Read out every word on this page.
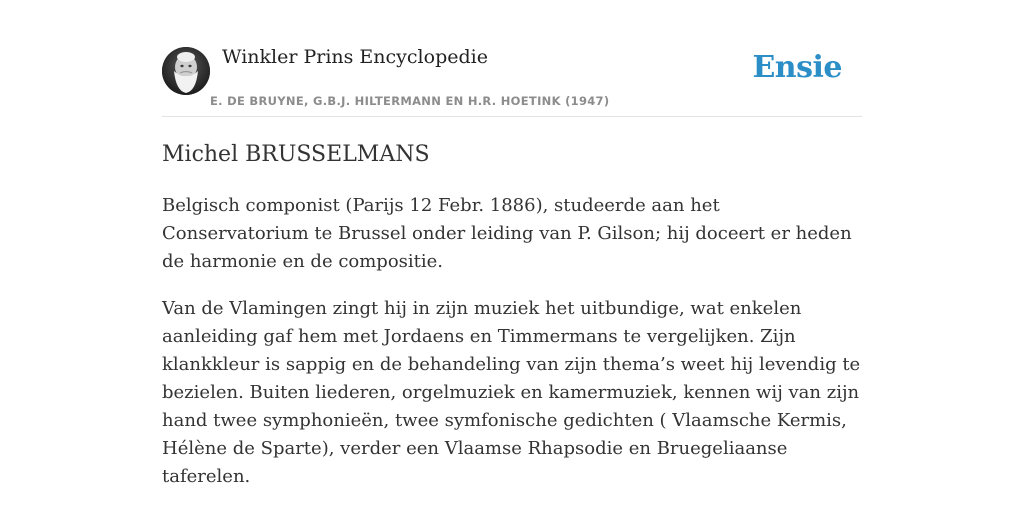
Winkler Prins Encyclopedie
E. DE BRUYNE, G.B.J. HILTERMANN EN H.R. HOETINK (1947)
Ensie
Michel BRUSSELMANS

Belgisch componist (Parijs 12 Febr. 1886), studeerde aan het Conservatorium te Brussel onder leiding van P. Gilson; hij doceert er heden de harmonie en de compositie.

Van de Vlamingen zingt hij in zijn muziek het uitbundige, wat enkelen aanleiding gaf hem met Jordaens en Timmermans te vergelijken. Zijn klankkleur is sappig en de behandeling van zijn thema’s weet hij levendig te bezielen. Buiten liederen, orgelmuziek en kamermuziek, kennen wij van zijn hand twee symphonieën, twee symfonische gedichten ( Vlaamsche Kermis, Hélène de Sparte), verder een Vlaamse Rhapsodie en Bruegeliaanse taferelen.
